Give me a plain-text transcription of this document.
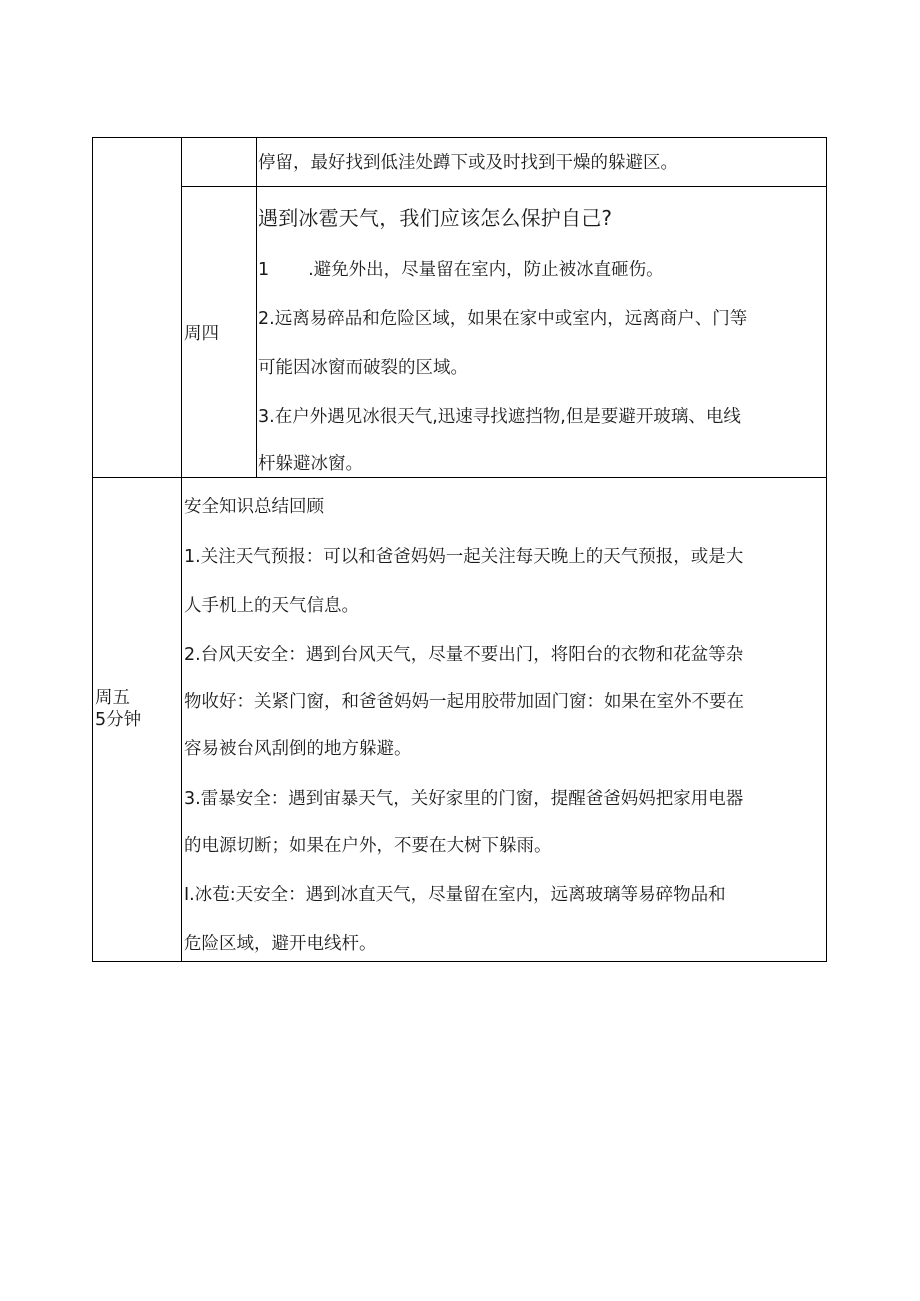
停留，最好找到低洼处蹲下或及时找到干燥的躲避区。
周四
遇到冰雹天气，我们应该怎么保护自己?
1       .避免外出，尽量留在室内，防止被冰直砸伤。
2.远离易碎品和危险区域，如果在家中或室内，远离商户、门等
可能因冰窗而破裂的区域。
3.在户外遇见冰很天气,迅速寻找遮挡物,但是要避开玻璃、电线
杆躲避冰窗。
周五
5分钟
安全知识总结回顾
1.关注天气预报：可以和爸爸妈妈一起关注每天晚上的天气预报，或是大
人手机上的天气信息。
2.台风天安全：遇到台风天气，尽量不要出门，将阳台的衣物和花盆等杂
物收好：关紧门窗，和爸爸妈妈一起用胶带加固门窗：如果在室外不要在
容易被台风刮倒的地方躲避。
3.雷暴安全：遇到宙暴天气，关好家里的门窗，提醒爸爸妈妈把家用电器
的电源切断；如果在户外，不要在大树下躲雨。
I.冰苞:天安全：遇到冰直天气，尽量留在室内，远离玻璃等易碎物品和
危险区域，避开电线杆。
